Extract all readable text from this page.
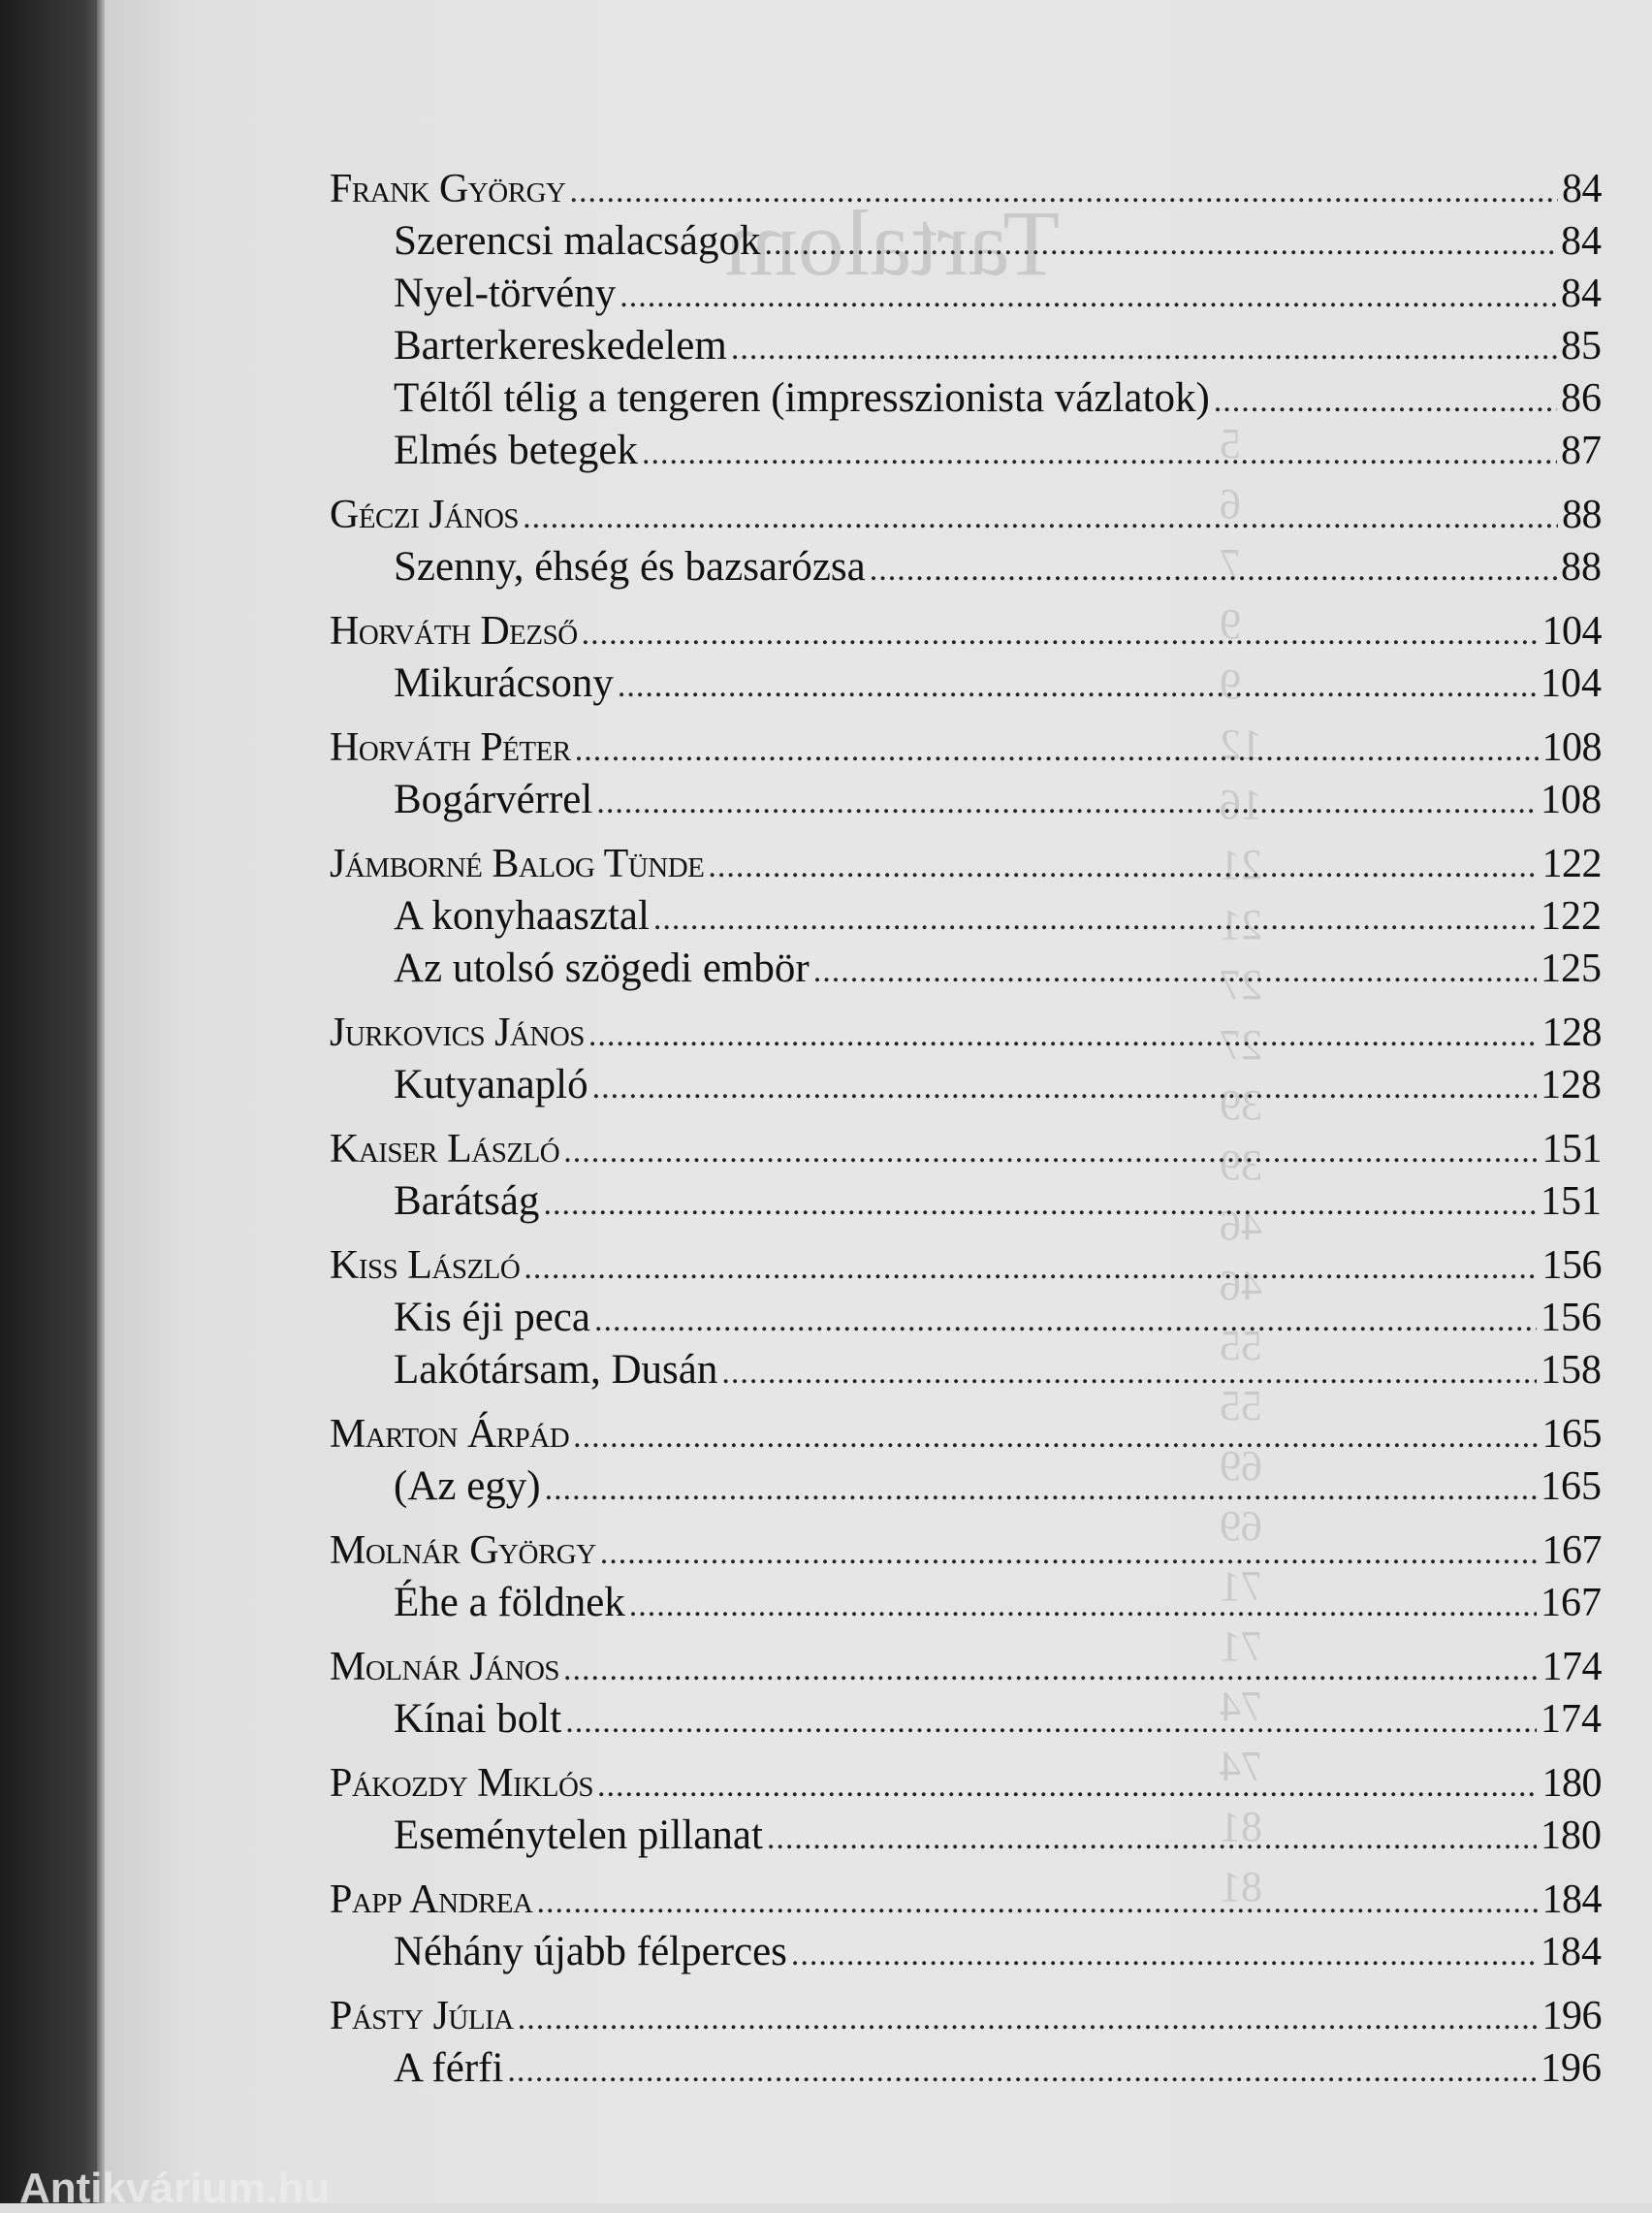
Tartalom
5
6
7
9
9
12
16
21
21
27
27
39
39
46
46
55
55
69
69
71
71
74
74
81
81
Frank György .....	84
Szerencsi malacságok .....	84
Nyel-törvény .....	84
Barterkereskedelem .....	85
Téltől télig a tengeren (impresszionista vázlatok) .....	86
Elmés betegek .....	87
Géczi János .....	88
Szenny, éhség és bazsarózsa .....	88
Horváth Dezső .....	104
Mikurácsony .....	104
Horváth Péter .....	108
Bogárvérrel .....	108
Jámborné Balog Tünde .....	122
A konyhaasztal .....	122
Az utolsó szögedi embör .....	125
Jurkovics János .....	128
Kutyanapló .....	128
Kaiser László .....	151
Barátság .....	151
Kiss László .....	156
Kis éji peca .....	156
Lakótársam, Dusán .....	158
Marton Árpád .....	165
(Az egy) .....	165
Molnár György .....	167
Éhe a földnek .....	167
Molnár János .....	174
Kínai bolt .....	174
Pákozdy Miklós .....	180
Eseménytelen pillanat .....	180
Papp Andrea .....	184
Néhány újabb félperces .....	184
Pásty Júlia .....	196
A férfi .....	196
Antikvárium.hu
